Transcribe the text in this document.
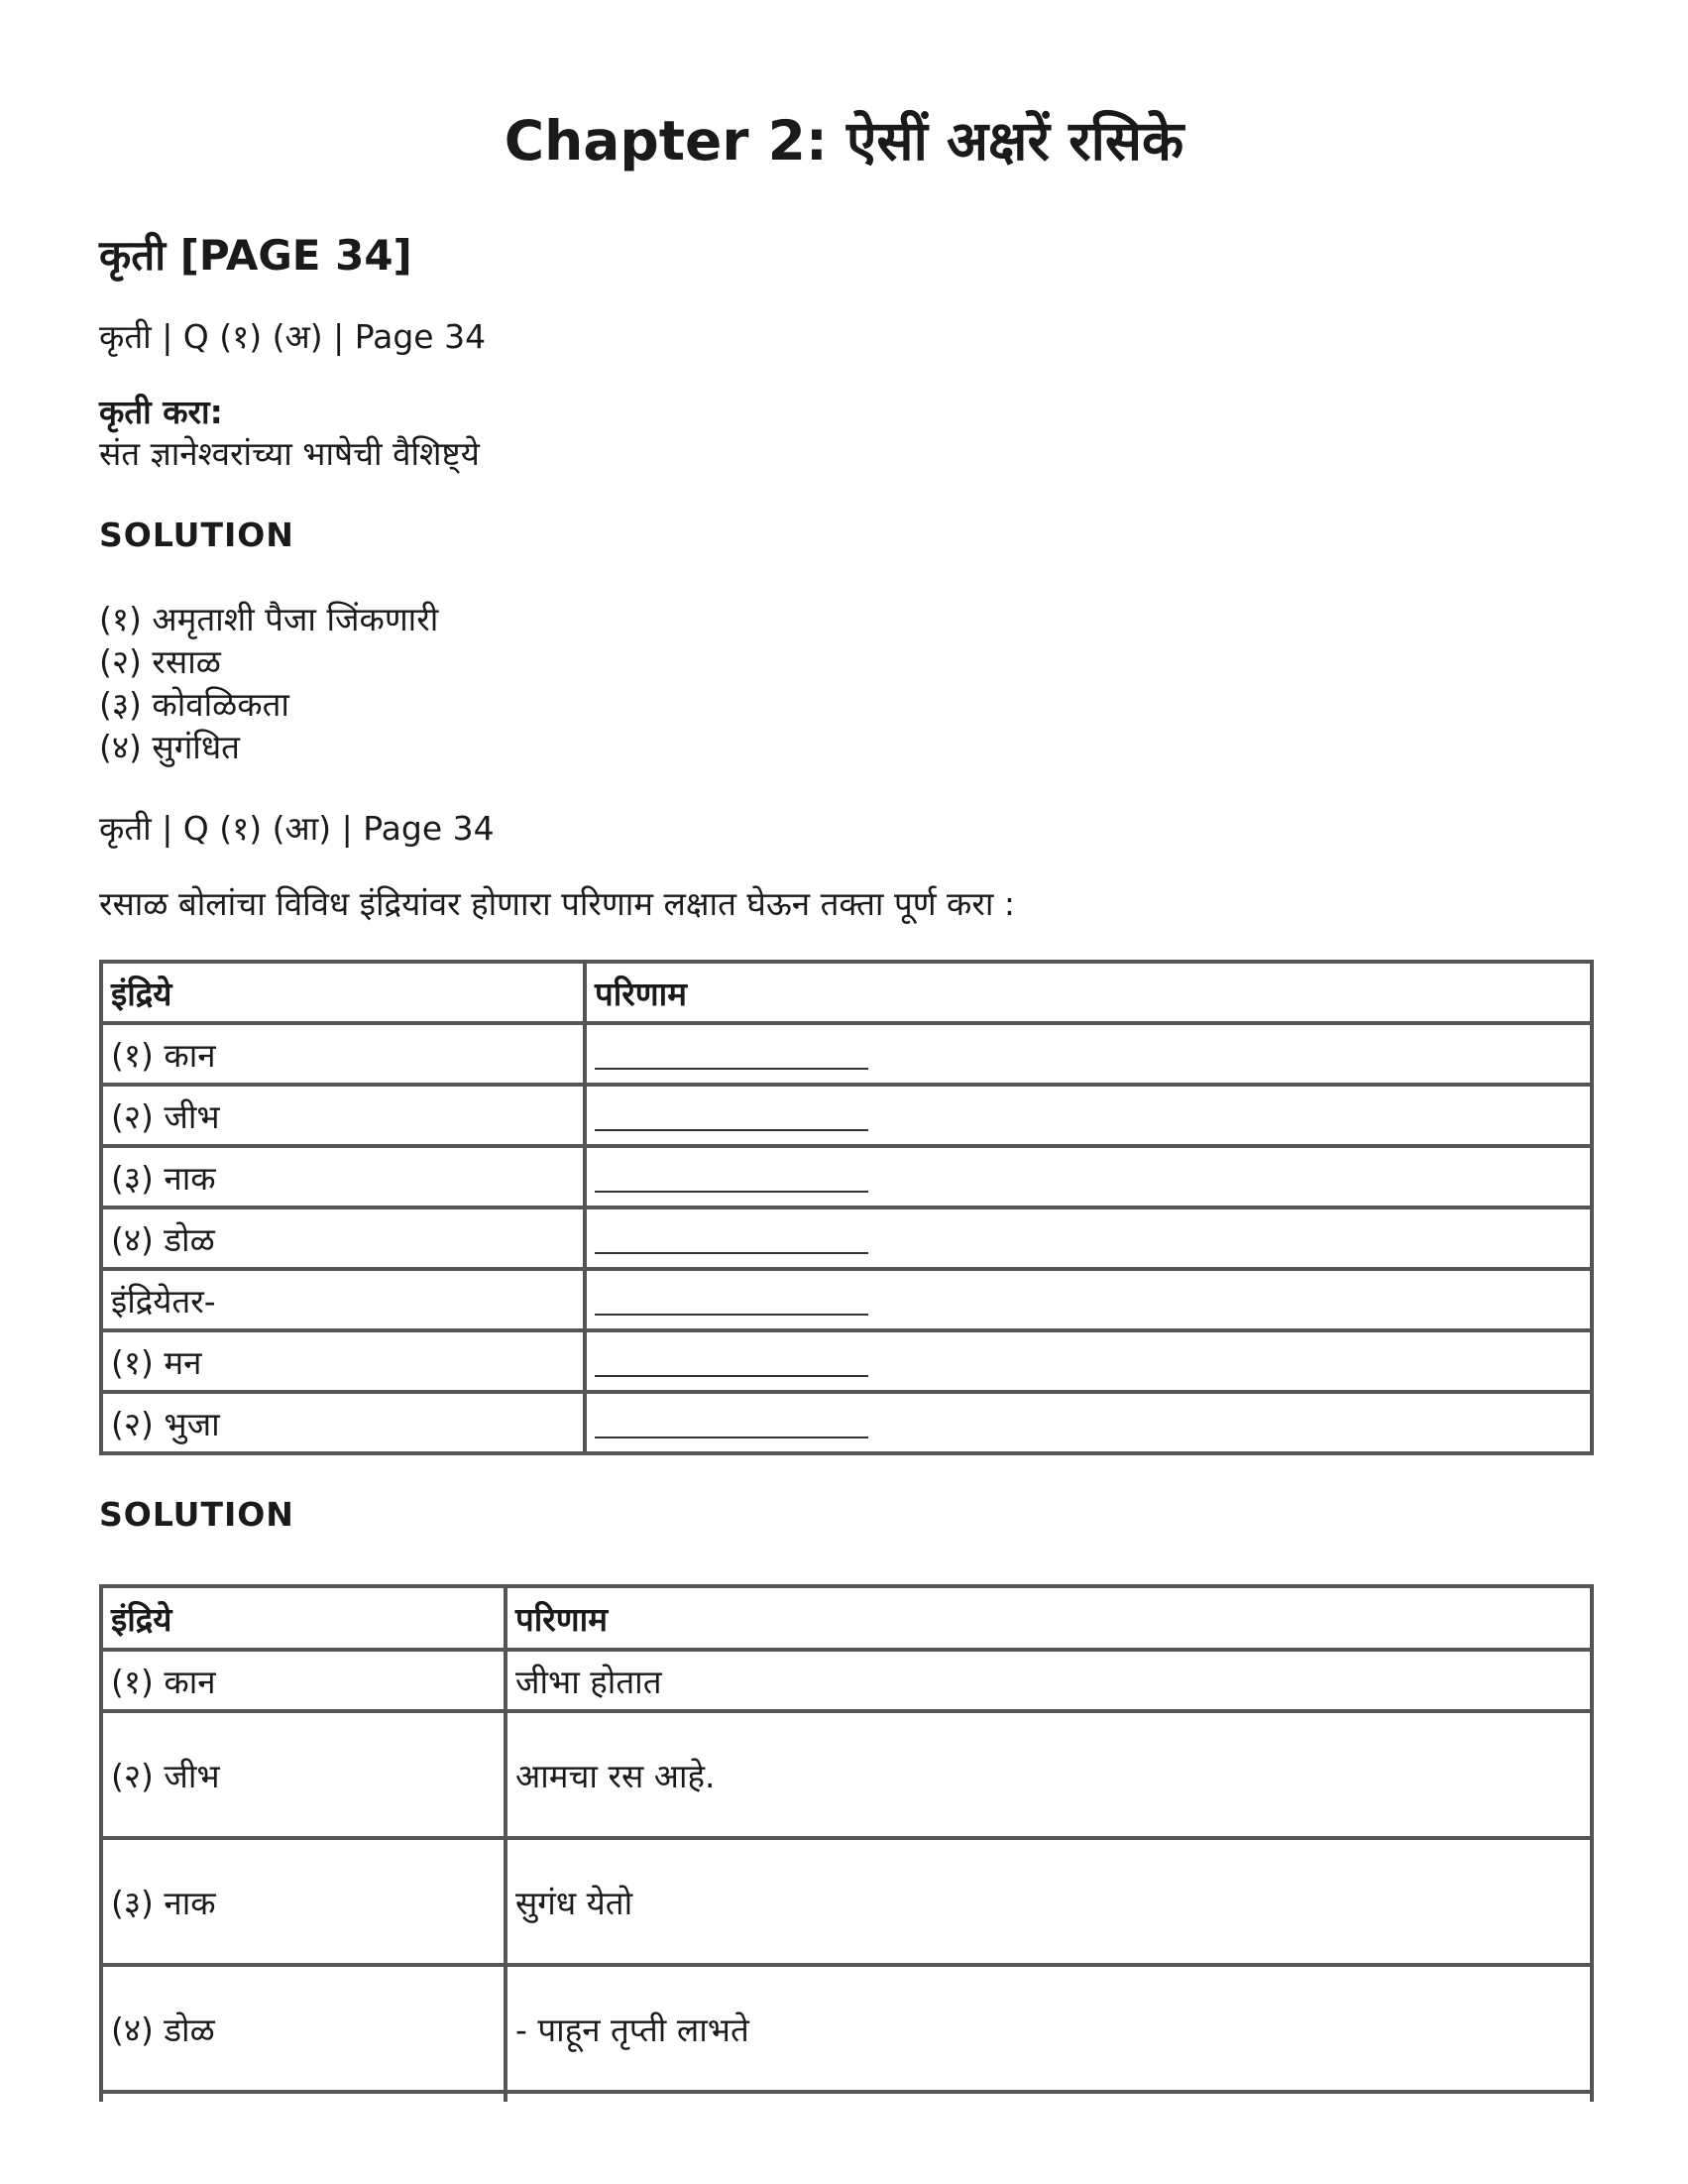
Chapter 2: ऐसीं अक्षरें रसिके
कृती [PAGE 34]
कृती | Q (१) (अ) | Page 34
कृती करा:
संत ज्ञानेश्वरांच्या भाषेची वैशिष्ट्ये
SOLUTION
(१) अमृताशी पैजा जिंकणारी
(२) रसाळ
(३) कोवळिकता
(४) सुगंधित
कृती | Q (१) (आ) | Page 34
रसाळ बोलांचा विविध इंद्रियांवर होणारा परिणाम लक्षात घेऊन तक्ता पूर्ण करा :
इंद्रिये	परिणाम
(१) कान
(२) जीभ
(३) नाक
(४) डोळ
इंद्रियेतर-
(१) मन
(२) भुजा
SOLUTION
इंद्रिये	परिणाम
(१) कान	जीभा होतात
(२) जीभ	आमचा रस आहे.
(३) नाक	सुगंध येतो
(४) डोळ	- पाहून तृप्ती लाभते
